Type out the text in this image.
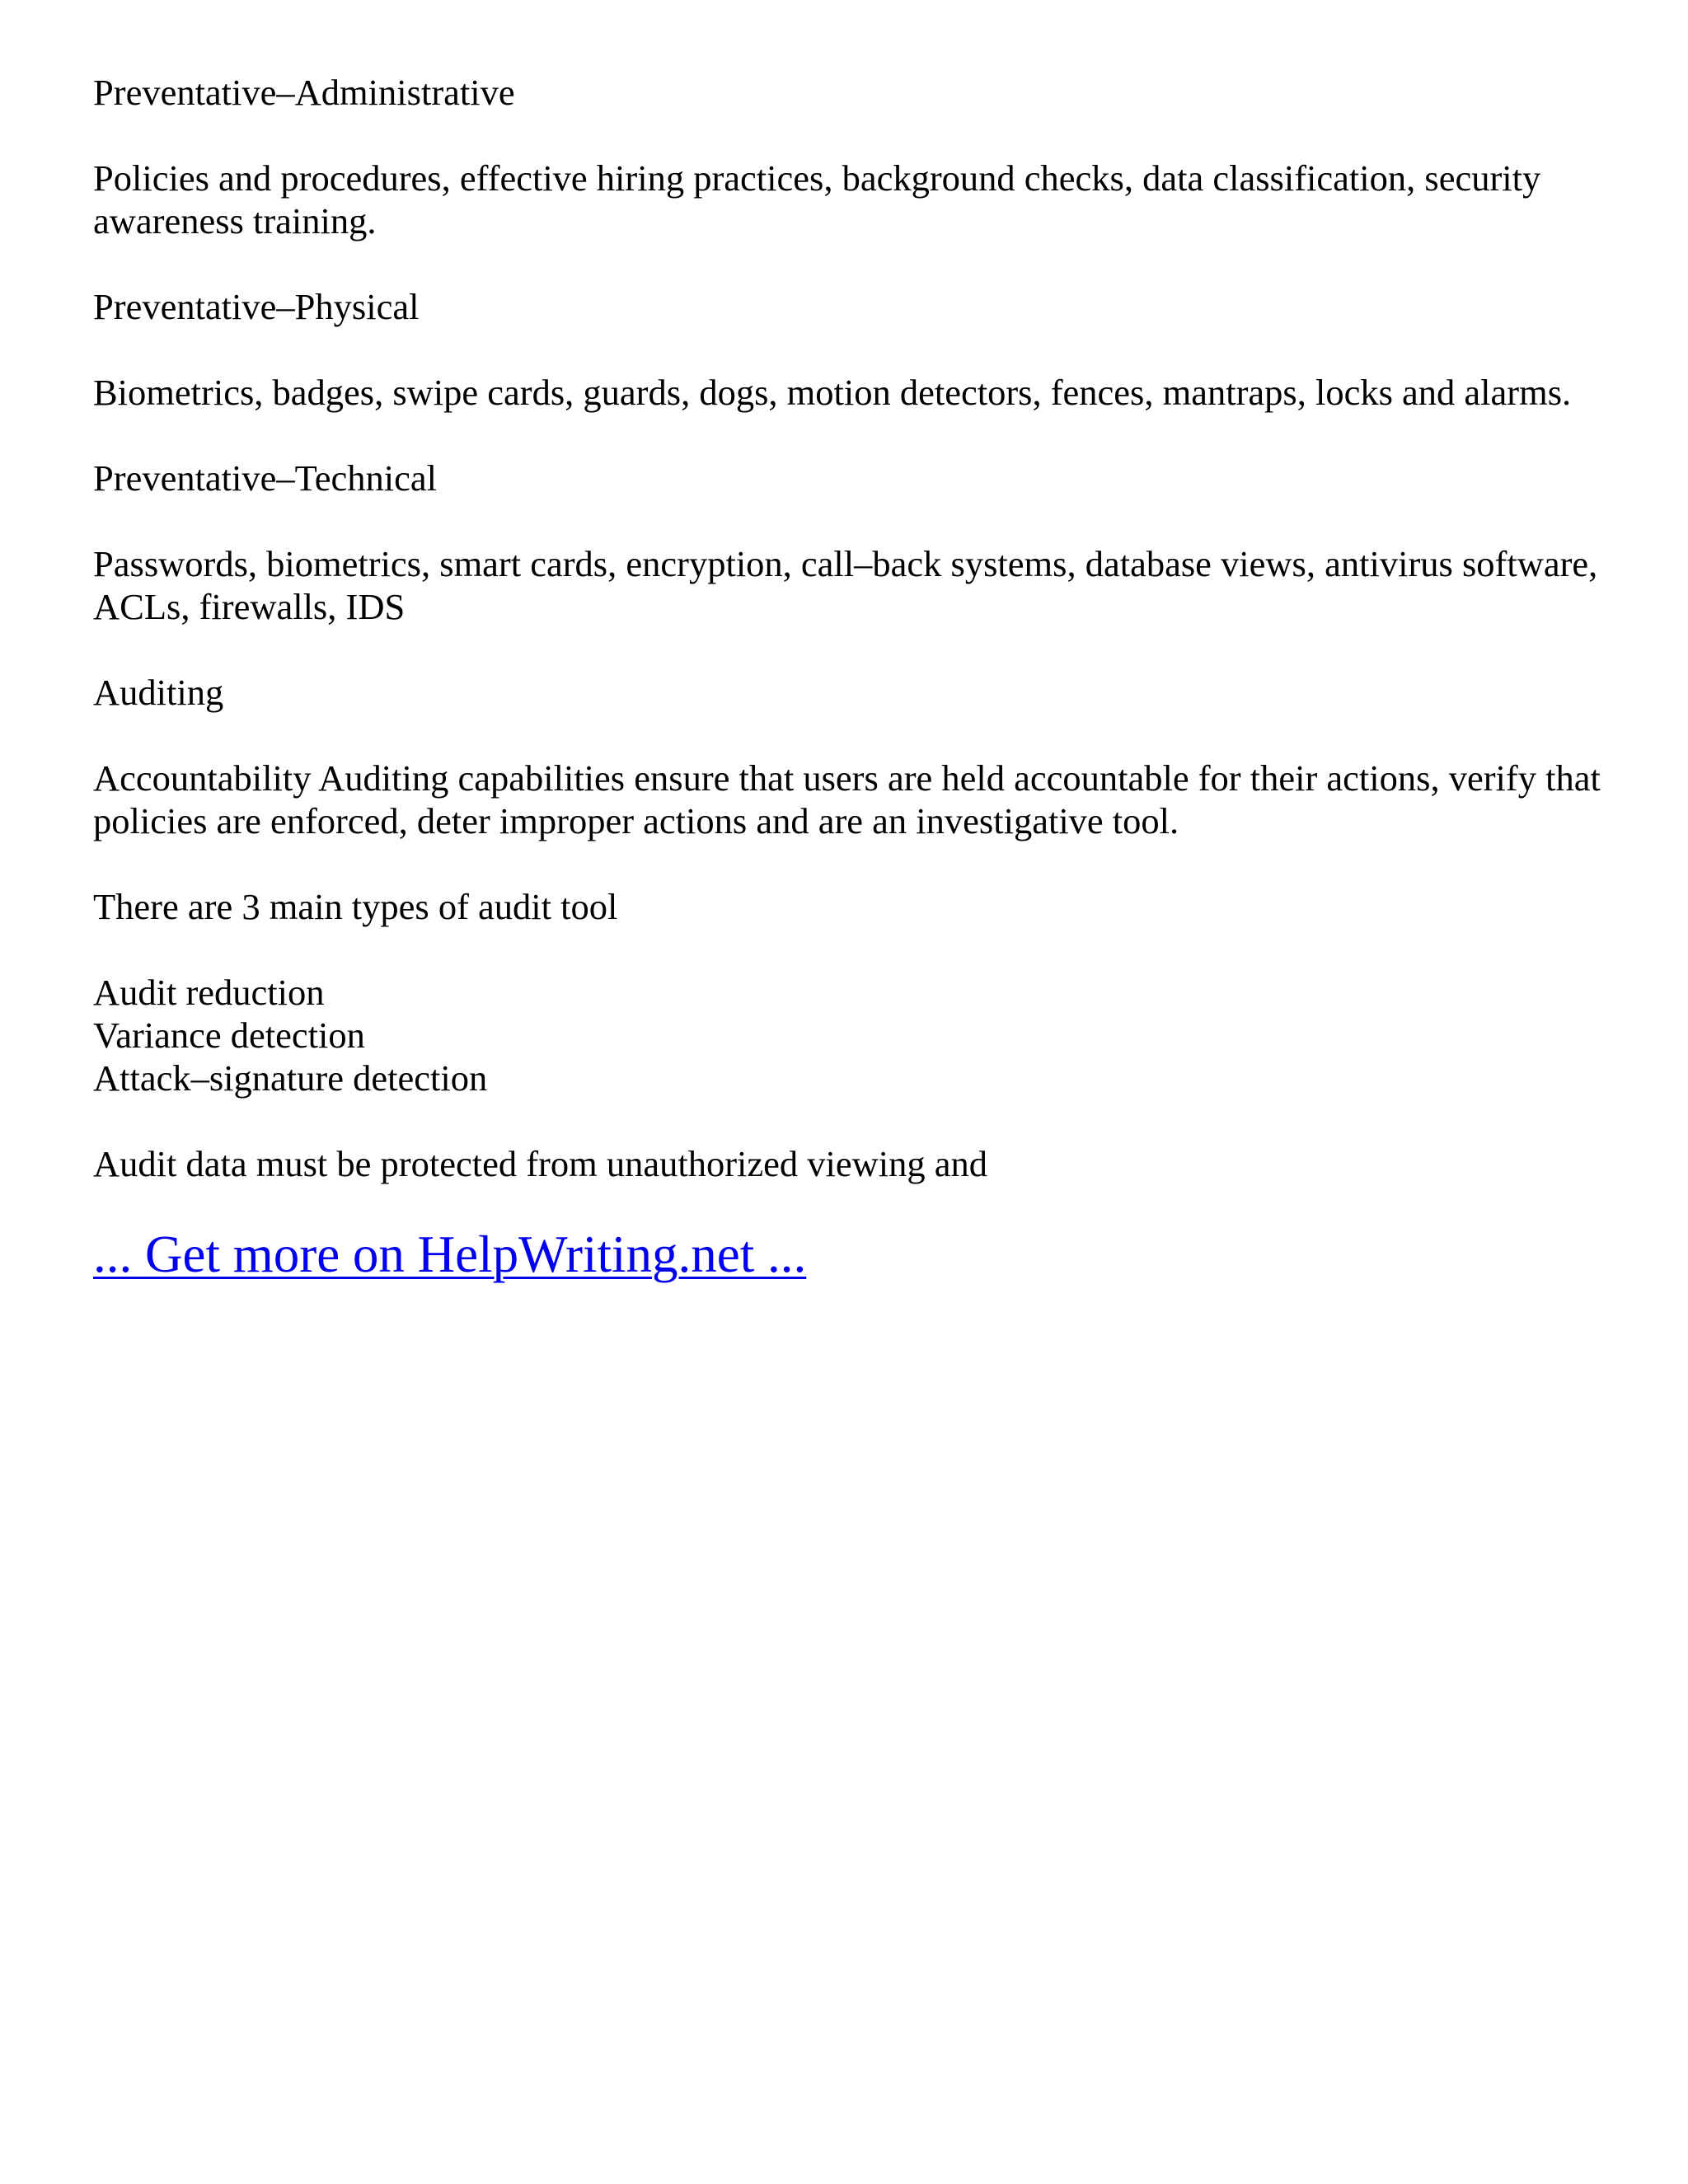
Preventative–Administrative

Policies and procedures, effective hiring practices, background checks, data classification, security awareness training.

Preventative–Physical

Biometrics, badges, swipe cards, guards, dogs, motion detectors, fences, mantraps, locks and alarms.

Preventative–Technical

Passwords, biometrics, smart cards, encryption, call–back systems, database views, antivirus software, ACLs, firewalls, IDS

Auditing

Accountability Auditing capabilities ensure that users are held accountable for their actions, verify that policies are enforced, deter improper actions and are an investigative tool.

There are 3 main types of audit tool

Audit reduction
Variance detection
Attack–signature detection

Audit data must be protected from unauthorized viewing and

... Get more on HelpWriting.net ...
